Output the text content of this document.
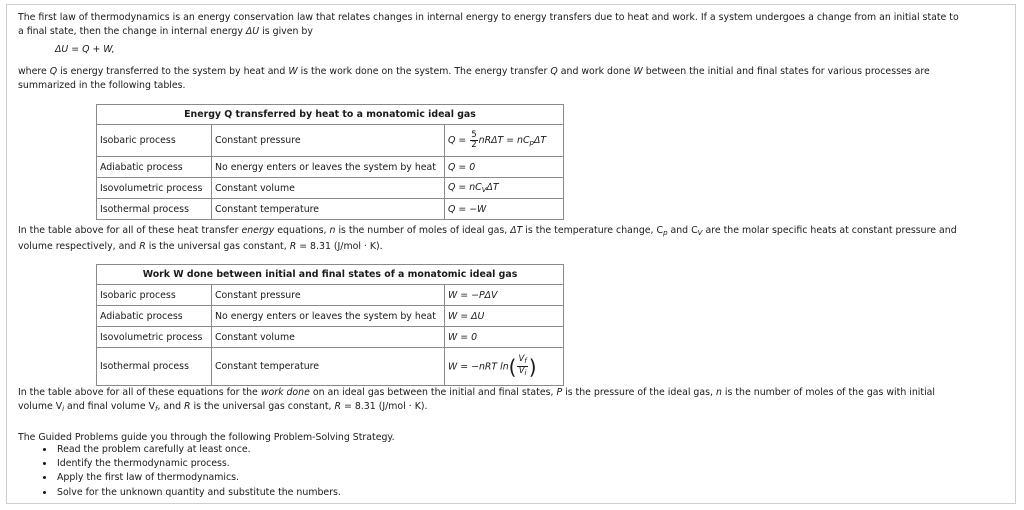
The first law of thermodynamics is an energy conservation law that relates changes in internal energy to energy transfers due to heat and work. If a system undergoes a change from an initial state to
a final state, then the change in internal energy ΔU is given by

ΔU = Q + W,

where Q is energy transferred to the system by heat and W is the work done on the system. The energy transfer Q and work done W between the initial and final states for various processes are
summarized in the following tables.

Energy Q transferred by heat to a monatomic ideal gas		
Isobaric process	Constant pressure	$Q = \frac{5}{2}$ $nR\Delta T = nC_p\Delta T$
Adiabatic process	No energy enters or leaves the system by heat	Q = 0
Isovolumetric process	Constant volume	$Q = nC_V\Delta T$
Isothermal process	Constant temperature	Q = −W

In the table above for all of these heat transfer energy equations, n is the number of moles of ideal gas, ΔT is the temperature change, $C_p$ and $C_V$ are the molar specific heats at constant pressure and
volume respectively, and R is the universal gas constant, R = 8.31 (J/mol · K).

Work W done between initial and final states of a monatomic ideal gas		
Isobaric process	Constant pressure	W = −PΔV
Adiabatic process	No energy enters or leaves the system by heat	W = ΔU
Isovolumetric process	Constant volume	W = 0
Isothermal process	Constant temperature	W = −nRT $\ln( \frac{V_f}{V_i}$ )

In the table above for all of these equations for the work done on an ideal gas between the initial and final states, P is the pressure of the ideal gas, n is the number of moles of the gas with initial
volume $V_i$ and final volume $V_f$, and R is the universal gas constant, R = 8.31 (J/mol · K).

The Guided Problems guide you through the following Problem-Solving Strategy.

• Read the problem carefully at least once.
• Identify the thermodynamic process.
• Apply the first law of thermodynamics.
• Solve for the unknown quantity and substitute the numbers.
